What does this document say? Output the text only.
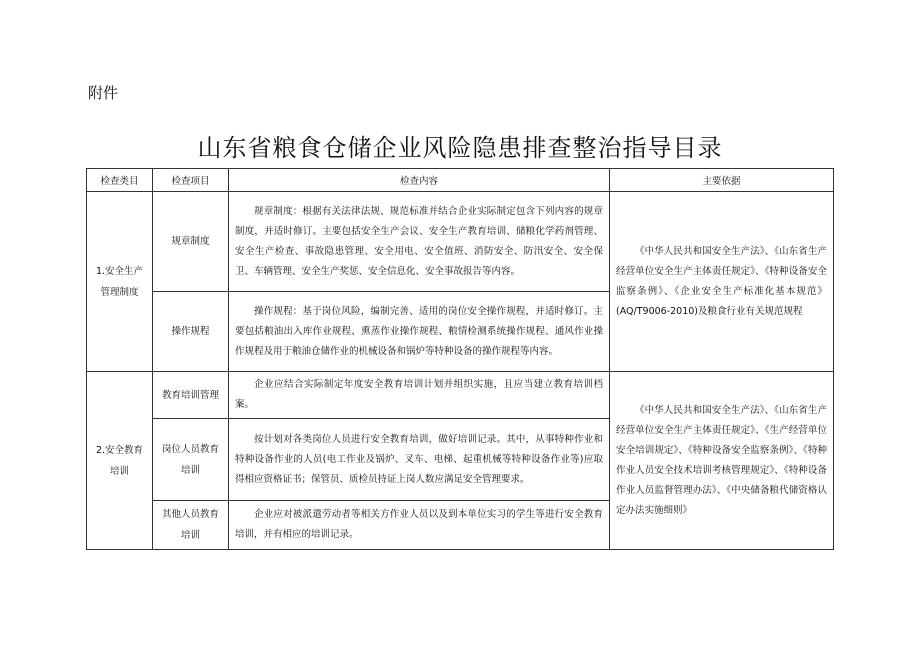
附件
山东省粮食仓储企业风险隐患排查整治指导目录
检查类目	检查项目	检查内容	主要依据
1.安全生产管理制度	规章制度	规章制度：根据有关法律法规、规范标准并结合企业实际制定包含下列内容的规章制度，并适时修订。主要包括安全生产会议、安全生产教育培训、储粮化学药剂管理、安全生产检查、事故隐患管理、安全用电、安全值班、消防安全、防汛安全、安全保卫、车辆管理、安全生产奖惩、安全信息化、安全事故报告等内容。	《中华人民共和国安全生产法》、《山东省生产经营单位安全生产主体责任规定》、《特种设备安全监察条例》、《企业安全生产标准化基本规范》(AQ/T9006-2010)及粮食行业有关规范规程

	操作规程	操作规程：基于岗位风险，编制完善、适用的岗位安全操作规程，并适时修订。主要包括粮油出入库作业规程、熏蒸作业操作规程、粮情检测系统操作规程、通风作业操作规程及用于粮油仓储作业的机械设备和锅炉等特种设备的操作规程等内容。	

2.安全教育培训	教育培训管理	企业应结合实际制定年度安全教育培训计划并组织实施，且应当建立教育培训档案。	《中华人民共和国安全生产法》、《山东省生产经营单位安全生产主体责任规定》、《生产经营单位安全培训规定》、《特种设备安全监察条例》、《特种作业人员安全技术培训考核管理规定》、《特种设备作业人员监督管理办法》、《中央储备粮代储资格认定办法实施细则》

	岗位人员教育培训	按计划对各类岗位人员进行安全教育培训，做好培训记录。其中，从事特种作业和特种设备作业的人员(电工作业及锅炉、叉车、电梯、起重机械等特种设备作业等)应取得相应资格证书；保管员、质检员持证上岗人数应满足安全管理要求。	

	其他人员教育培训	企业应对被派遣劳动者等相关方作业人员以及到本单位实习的学生等进行安全教育培训，并有相应的培训记录。	
